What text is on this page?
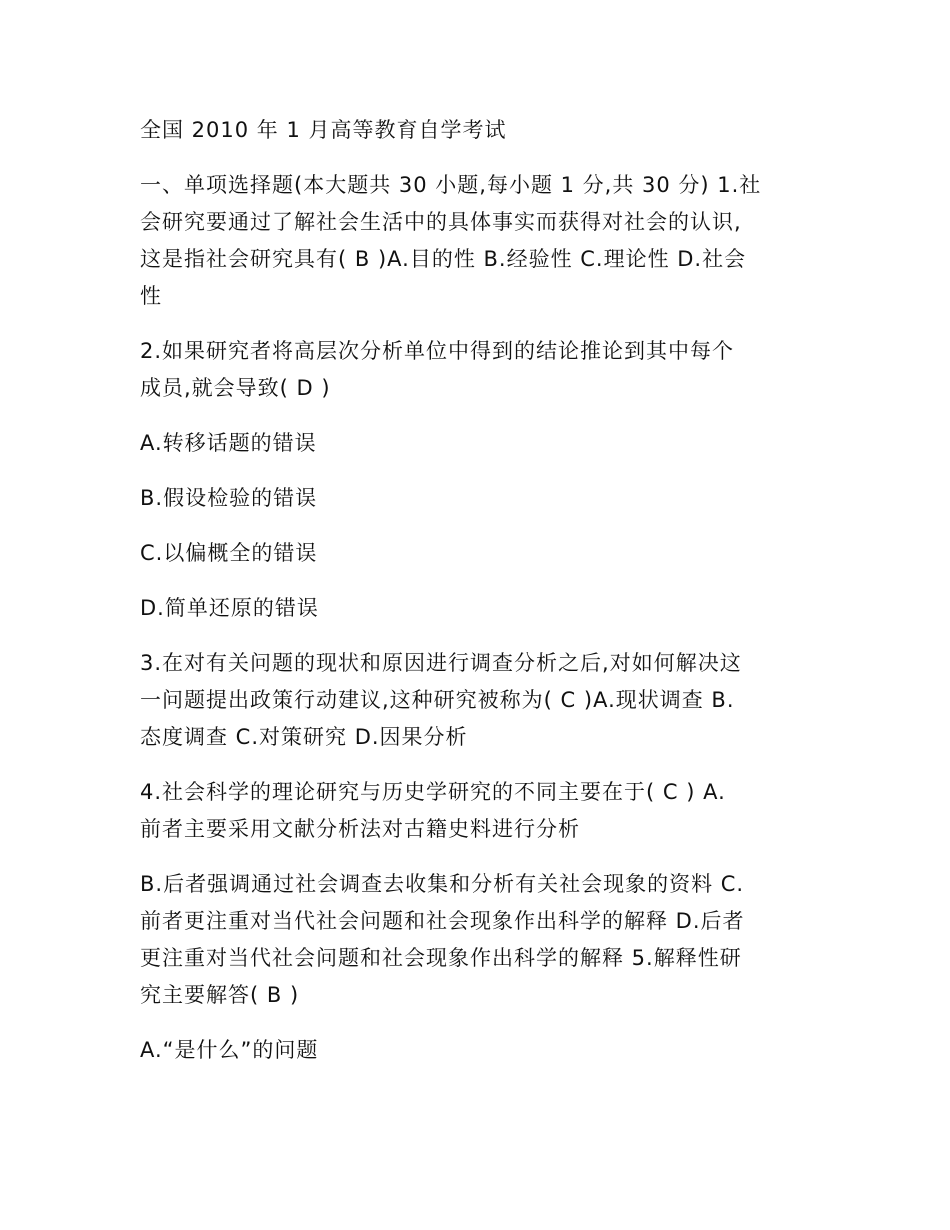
全国 2010 年 1 月高等教育自学考试
一、单项选择题(本大题共 30 小题,每小题 1 分,共 30 分) 1.社
会研究要通过了解社会生活中的具体事实而获得对社会的认识,
这是指社会研究具有( B )A.目的性 B.经验性 C.理论性 D.社会
性
2.如果研究者将高层次分析单位中得到的结论推论到其中每个
成员,就会导致( D )
A.转移话题的错误
B.假设检验的错误
C.以偏概全的错误
D.简单还原的错误
3.在对有关问题的现状和原因进行调查分析之后,对如何解决这
一问题提出政策行动建议,这种研究被称为( C )A.现状调查 B.
态度调查 C.对策研究 D.因果分析
4.社会科学的理论研究与历史学研究的不同主要在于( C ) A.
前者主要采用文献分析法对古籍史料进行分析
B.后者强调通过社会调查去收集和分析有关社会现象的资料 C.
前者更注重对当代社会问题和社会现象作出科学的解释 D.后者
更注重对当代社会问题和社会现象作出科学的解释 5.解释性研
究主要解答( B )
A.“是什么”的问题
